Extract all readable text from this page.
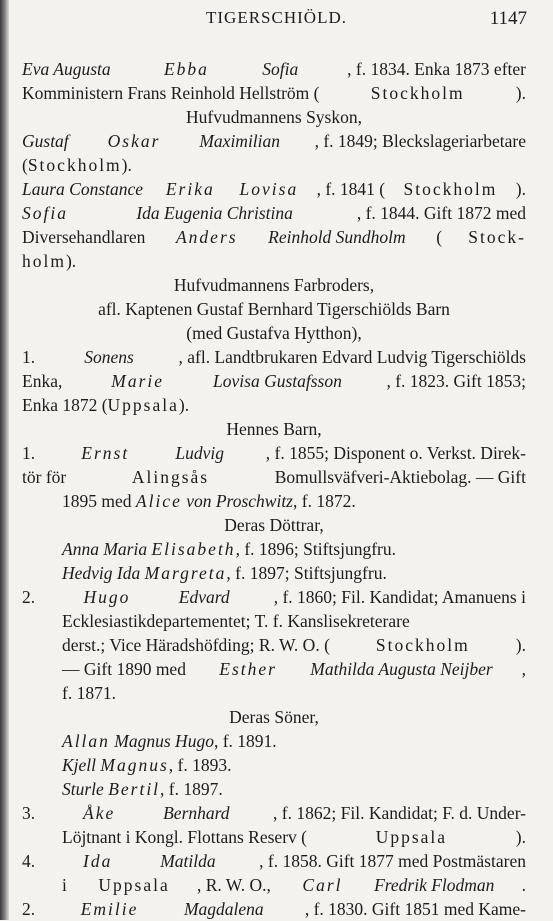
TIGERSCHIÖLD.	1147
Eva Augusta	Ebba	Sofia	, f. 1834. Enka 1873 efter
Komministern Frans Reinhold Hellström (	Stockholm	).
Hufvudmannens Syskon,
Gustaf Oskar Maximilian , f. 1849; Bleckslagerіarbetare
(Stockholm).
Laura Constance Erika Lovisa , f. 1841 ( Stockholm ).
Sofia	Ida Eugenia Christina	, f. 1844. Gift 1872 med
Diversehandlaren Anders Reinhold Sundholm ( Stock-
holm).
Hufvudmannens Farbroders,
afl. Kaptenen Gustaf Bernhard Tigerschiölds Barn
(med Gustafva Hytthon),
1.	Sonens	, afl. Landtbrukaren Edvard Ludvig Tigerschiölds
Enka,	Marie	Lovisa Gustafsson	, f. 1823. Gift 1853;
Enka 1872 (Uppsala).
Hennes Barn,
1. Ernst Ludvig , f. 1855; Disponent o. Verkst. Direk-
tör för	Alingsås	Bomullsväfveri-Aktiebolag. — Gift
1895 med Alice von Proschwitz, f. 1872.
Deras Döttrar,
Anna Maria Elisabeth, f. 1896; Stiftsjungfru.
Hedvig Ida Margreta, f. 1897; Stiftsjungfru.
2.	Hugo	Edvard	, f. 1860; Fil. Kandidat; Amanuens i
Ecklesiastikdepartementet; T. f. Kanslisekreterare
derst.; Vice Häradshöfding; R. W. O. (	Stockholm	).
— Gift 1890 med Esther Mathilda Augusta Neijber ,
f. 1871.
Deras Söner,
Allan Magnus Hugo, f. 1891.
Kjell Magnus, f. 1893.
Sturle Bertil, f. 1897.
3. Åke Bernhard , f. 1862; Fil. Kandidat; F. d. Under-
Löjtnant i Kongl. Flottans Reserv (	Uppsala	).
4. Ida Matilda , f. 1858. Gift 1877 med Postmästaren
i Uppsala , R. W. O., Carl Fredrik Flodman .
2. Emilie Magdalena , f. 1830. Gift 1851 med Kame-
